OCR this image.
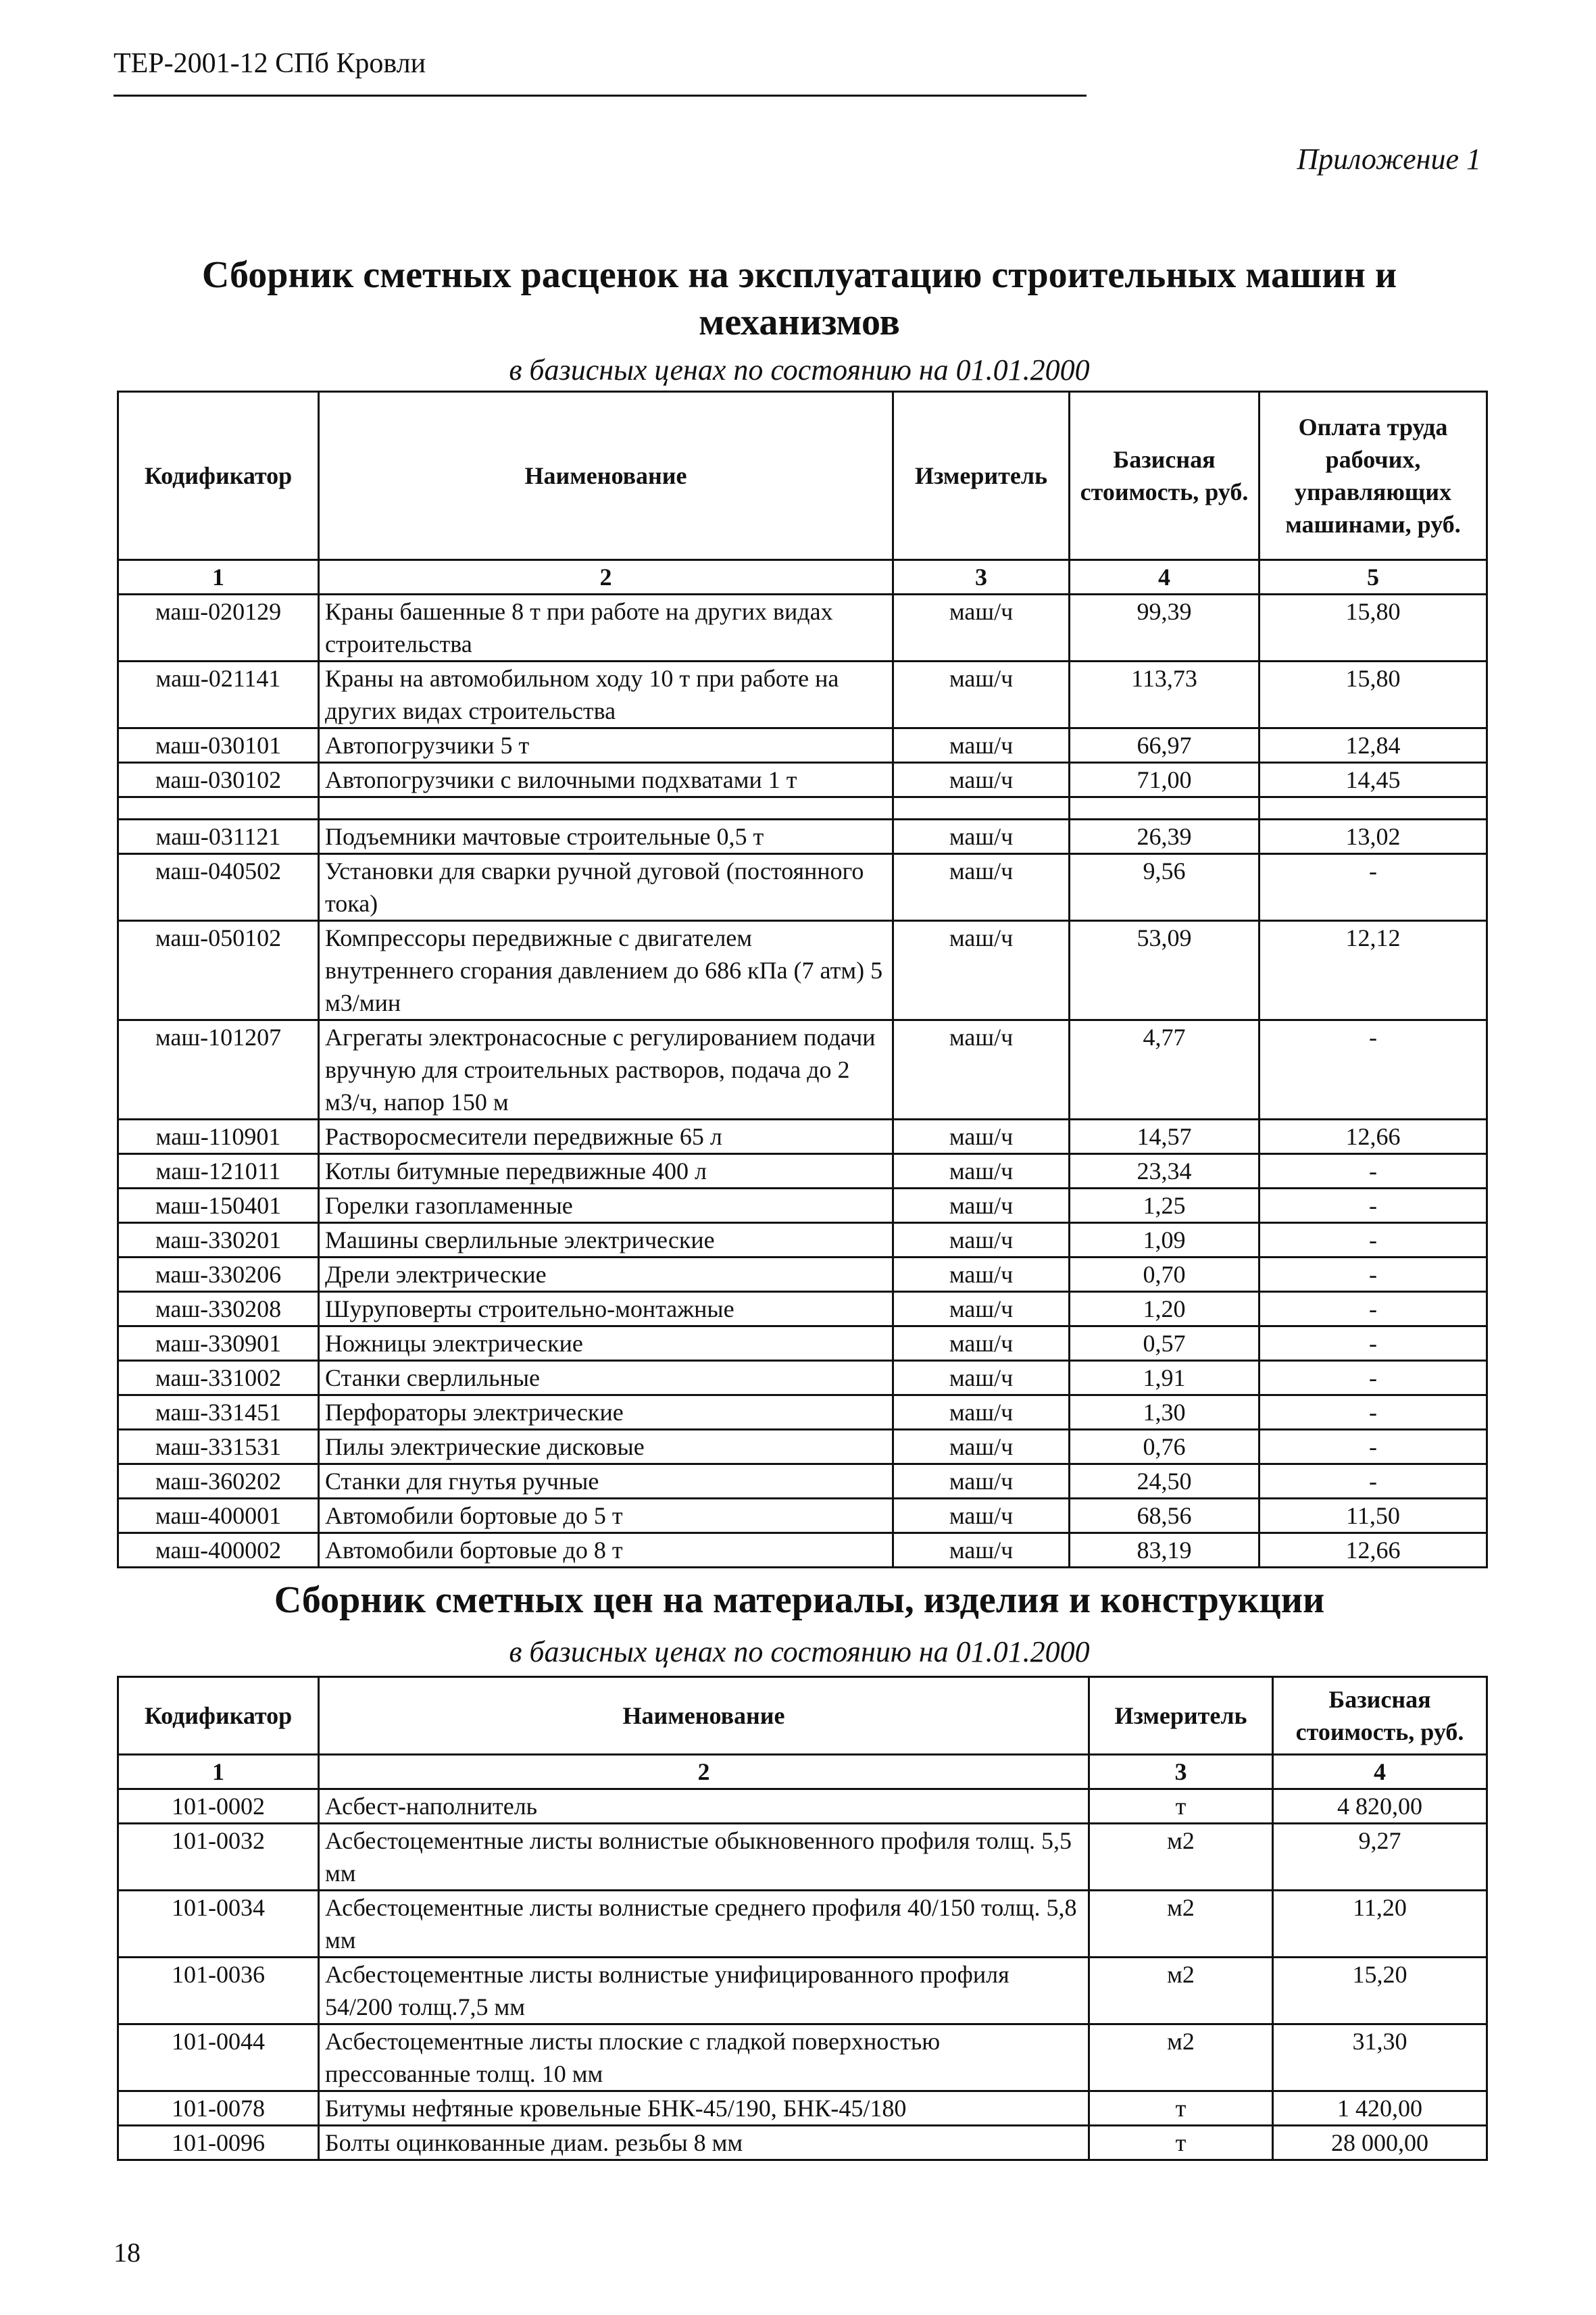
ТЕР-2001-12 СПб Кровли
Приложение 1
Сборник сметных расценок на эксплуатацию строительных машин и механизмов
в базисных ценах по состоянию на 01.01.2000
Кодификатор	Наименование	Измеритель	Базисная стоимость, руб.	Оплата труда рабочих, управляющих машинами, руб.
1	2	3	4	5
маш-020129	Краны башенные 8 т при работе на других видах строительства	маш/ч	99,39	15,80
маш-021141	Краны на автомобильном ходу 10 т при работе на других видах строительства	маш/ч	113,73	15,80
маш-030101	Автопогрузчики 5 т	маш/ч	66,97	12,84
маш-030102	Автопогрузчики с вилочными подхватами 1 т	маш/ч	71,00	14,45

маш-031121	Подъемники мачтовые строительные 0,5 т	маш/ч	26,39	13,02
маш-040502	Установки для сварки ручной дуговой (постоянного тока)	маш/ч	9,56	-
маш-050102	Компрессоры передвижные с двигателем внутреннего сгорания давлением до 686 кПа (7 атм) 5 м3/мин	маш/ч	53,09	12,12
маш-101207	Агрегаты электронасосные с регулированием подачи вручную для строительных растворов, подача до 2 м3/ч, напор 150 м	маш/ч	4,77	-
маш-110901	Растворосмесители передвижные 65 л	маш/ч	14,57	12,66
маш-121011	Котлы битумные передвижные 400 л	маш/ч	23,34	-
маш-150401	Горелки газопламенные	маш/ч	1,25	-
маш-330201	Машины сверлильные электрические	маш/ч	1,09	-
маш-330206	Дрели электрические	маш/ч	0,70	-
маш-330208	Шуруповерты строительно-монтажные	маш/ч	1,20	-
маш-330901	Ножницы электрические	маш/ч	0,57	-
маш-331002	Станки сверлильные	маш/ч	1,91	-
маш-331451	Перфораторы электрические	маш/ч	1,30	-
маш-331531	Пилы электрические дисковые	маш/ч	0,76	-
маш-360202	Станки для гнутья ручные	маш/ч	24,50	-
маш-400001	Автомобили бортовые до 5 т	маш/ч	68,56	11,50
маш-400002	Автомобили бортовые до 8 т	маш/ч	83,19	12,66
Сборник сметных цен на материалы, изделия и конструкции
в базисных ценах по состоянию на 01.01.2000
Кодификатор	Наименование	Измеритель	Базисная стоимость, руб.
1	2	3	4
101-0002	Асбест-наполнитель	т	4 820,00
101-0032	Асбестоцементные листы волнистые обыкновенного профиля толщ. 5,5 мм	м2	9,27
101-0034	Асбестоцементные листы волнистые среднего профиля 40/150 толщ. 5,8 мм	м2	11,20
101-0036	Асбестоцементные листы волнистые унифицированного профиля 54/200 толщ.7,5 мм	м2	15,20
101-0044	Асбестоцементные листы плоские с гладкой поверхностью прессованные толщ. 10 мм	м2	31,30
101-0078	Битумы нефтяные кровельные БНК-45/190, БНК-45/180	т	1 420,00
101-0096	Болты оцинкованные диам. резьбы 8 мм	т	28 000,00
18
